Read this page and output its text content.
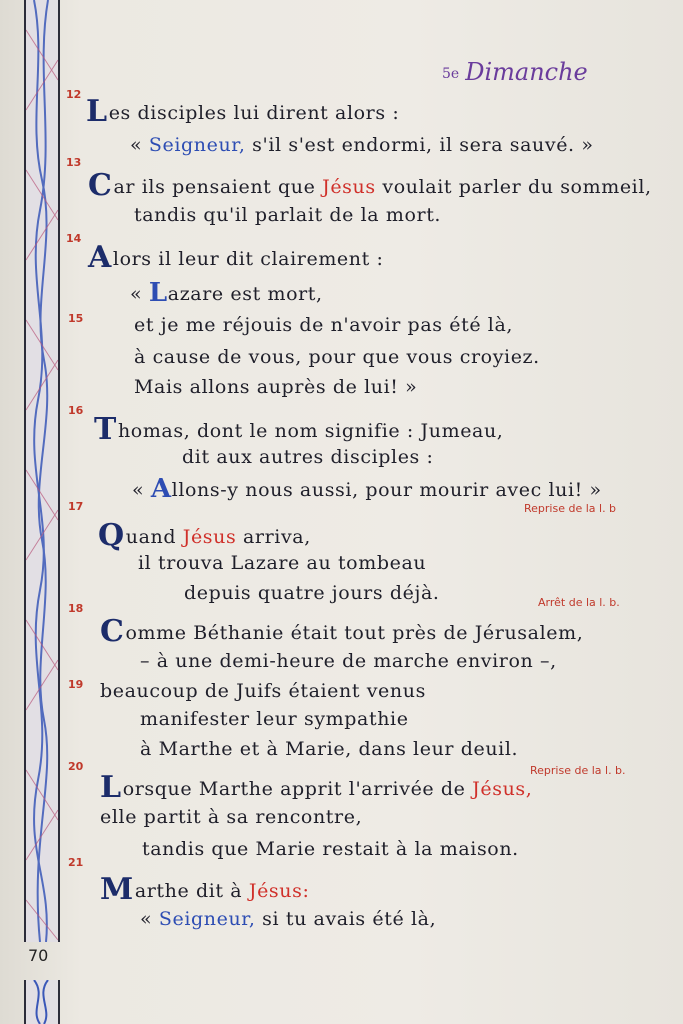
70
5e Dimanche
12
13
14
15
16
17
18
19
20
21
Reprise de la l. b
Arrêt de la l. b.
Reprise de la l. b.
Les disciples lui dirent alors :
« Seigneur, s'il s'est endormi, il sera sauvé. »
Car ils pensaient que Jésus voulait parler du sommeil,
tandis qu'il parlait de la mort.
Alors il leur dit clairement :
« Lazare est mort,
et je me réjouis de n'avoir pas été là,
à cause de vous, pour que vous croyiez.
Mais allons auprès de lui! »
Thomas, dont le nom signifie : Jumeau,
dit aux autres disciples :
« Allons-y nous aussi, pour mourir avec lui! »
Quand Jésus arriva,
il trouva Lazare au tombeau
depuis quatre jours déjà.
Comme Béthanie était tout près de Jérusalem,
– à une demi-heure de marche environ –,
beaucoup de Juifs étaient venus
manifester leur sympathie
à Marthe et à Marie, dans leur deuil.
Lorsque Marthe apprit l'arrivée de Jésus,
elle partit à sa rencontre,
tandis que Marie restait à la maison.
Marthe dit à Jésus:
« Seigneur, si tu avais été là,
